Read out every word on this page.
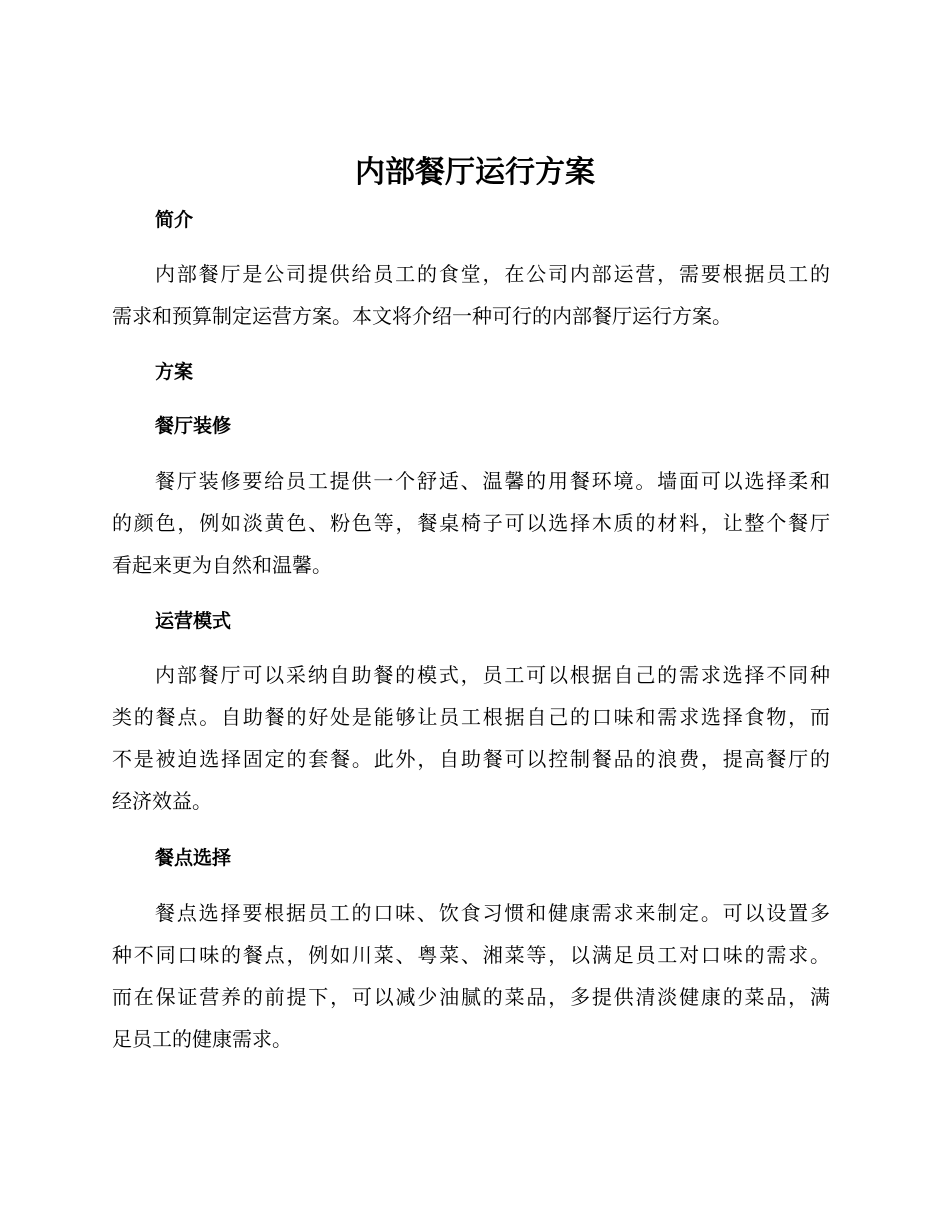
内部餐厅运行方案
简介
内部餐厅是公司提供给员工的食堂，在公司内部运营，需要根据员工的
需求和预算制定运营方案。本文将介绍一种可行的内部餐厅运行方案。
方案
餐厅装修
餐厅装修要给员工提供一个舒适、温馨的用餐环境。墙面可以选择柔和
的颜色，例如淡黄色、粉色等，餐桌椅子可以选择木质的材料，让整个餐厅
看起来更为自然和温馨。
运营模式
内部餐厅可以采纳自助餐的模式，员工可以根据自己的需求选择不同种
类的餐点。自助餐的好处是能够让员工根据自己的口味和需求选择食物，而
不是被迫选择固定的套餐。此外，自助餐可以控制餐品的浪费，提高餐厅的
经济效益。
餐点选择
餐点选择要根据员工的口味、饮食习惯和健康需求来制定。可以设置多
种不同口味的餐点，例如川菜、粤菜、湘菜等，以满足员工对口味的需求。
而在保证营养的前提下，可以减少油腻的菜品，多提供清淡健康的菜品，满
足员工的健康需求。
